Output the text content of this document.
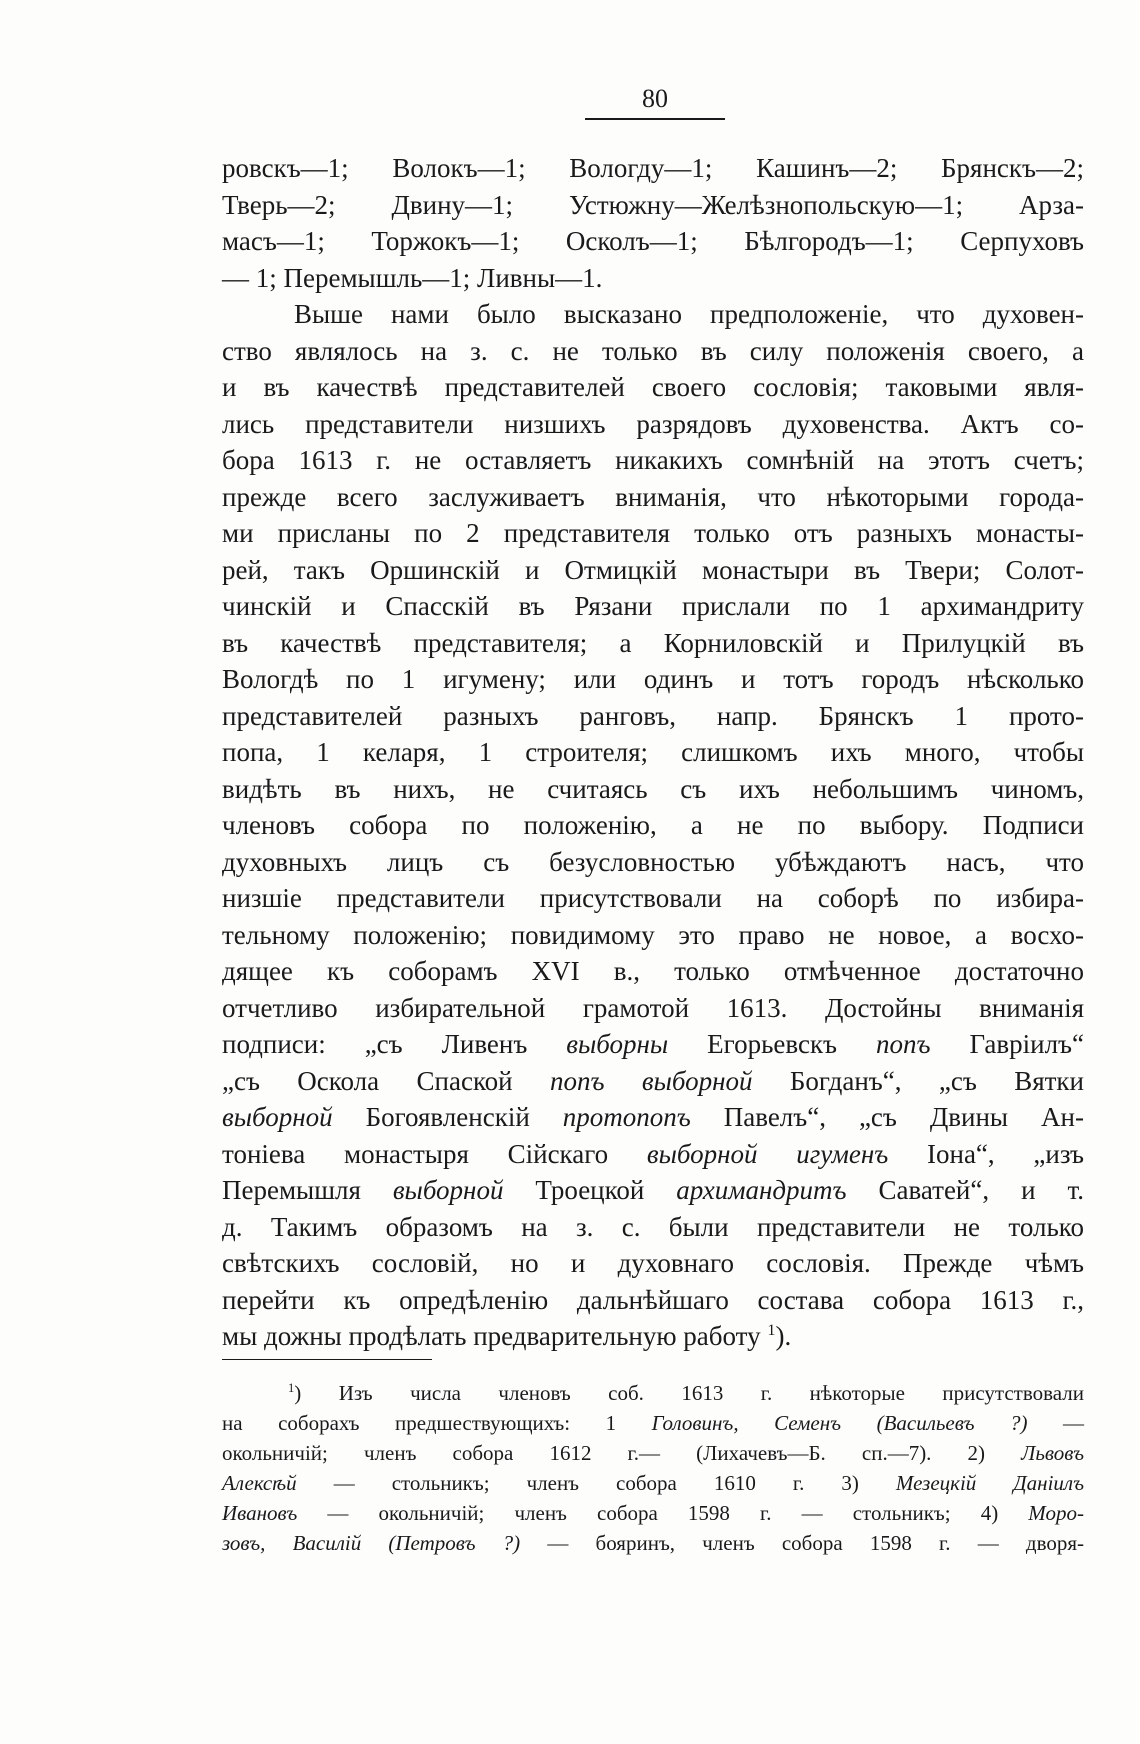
80
ровскъ—1; Волокъ—1; Вологду—1; Кашинъ—2; Брянскъ—2;
Тверь—2; Двину—1; Устюжну—Желѣзнопольскую—1; Арза-
масъ—1; Торжокъ—1; Осколъ—1; Бѣлгородъ—1; Серпуховъ
— 1; Перемышль—1; Ливны—1.
Выше нами было высказано предположеніе, что духовен-
ство являлось на з. с. не только въ силу положенія своего, а
и въ качествѣ представителей своего сословія; таковыми явля-
лись представители низшихъ разрядовъ духовенства. Актъ со-
бора 1613 г. не оставляетъ никакихъ сомнѣній на этотъ счетъ;
прежде всего заслуживаетъ вниманія, что нѣкоторыми города-
ми присланы по 2 представителя только отъ разныхъ монасты-
рей, такъ Оршинскій и Отмицкій монастыри въ Твери; Солот-
чинскій и Спасскій въ Рязани прислали по 1 архимандриту
въ качествѣ представителя; а Корниловскій и Прилуцкій въ
Вологдѣ по 1 игумену; или одинъ и тотъ городъ нѣсколько
представителей разныхъ ранговъ, напр. Брянскъ 1 прото-
попа, 1 келаря, 1 строителя; слишкомъ ихъ много, чтобы
видѣть въ нихъ, не считаясь съ ихъ небольшимъ чиномъ,
членовъ собора по положенію, а не по выбору. Подписи
духовныхъ лицъ съ безусловностью убѣждаютъ насъ, что
низшіе представители присутствовали на соборѣ по избира-
тельному положенію; повидимому это право не новое, а восхо-
дящее къ соборамъ XVI в., только отмѣченное достаточно
отчетливо избирательной грамотой 1613. Достойны вниманія
подписи: „съ Ливенъ выборны Егорьевскъ попъ Гавріилъ“
„съ Оскола Спаской попъ выборной Богданъ“, „съ Вятки
выборной Богоявленскій протопопъ Павелъ“, „съ Двины Ан-
тоніева монастыря Сійскаго выборной игуменъ Іона“, „изъ
Перемышля выборной Троецкой архимандритъ Саватей“, и т.
д. Такимъ образомъ на з. с. были представители не только
свѣтскихъ сословій, но и духовнаго сословія. Прежде чѣмъ
перейти къ опредѣленію дальнѣйшаго состава собора 1613 г.,
мы дожны продѣлать предварительную работу $^1$).
$^1$) Изъ числа членовъ соб. 1613 г. нѣкоторые присутствовали
на соборахъ предшествующихъ: 1 Головинъ, Семенъ (Васильевъ ?) —
окольничій; членъ собора 1612 г.— (Лихачевъ—Б. сп.—7). 2) Львовъ
Алексѣй — стольникъ; членъ собора 1610 г. 3) Мезецкій Даніилъ
Ивановъ — окольничій; членъ собора 1598 г. — стольникъ; 4) Моро-
зовъ, Василій (Петровъ ?) — бояринъ, членъ собора 1598 г. — дворя-
